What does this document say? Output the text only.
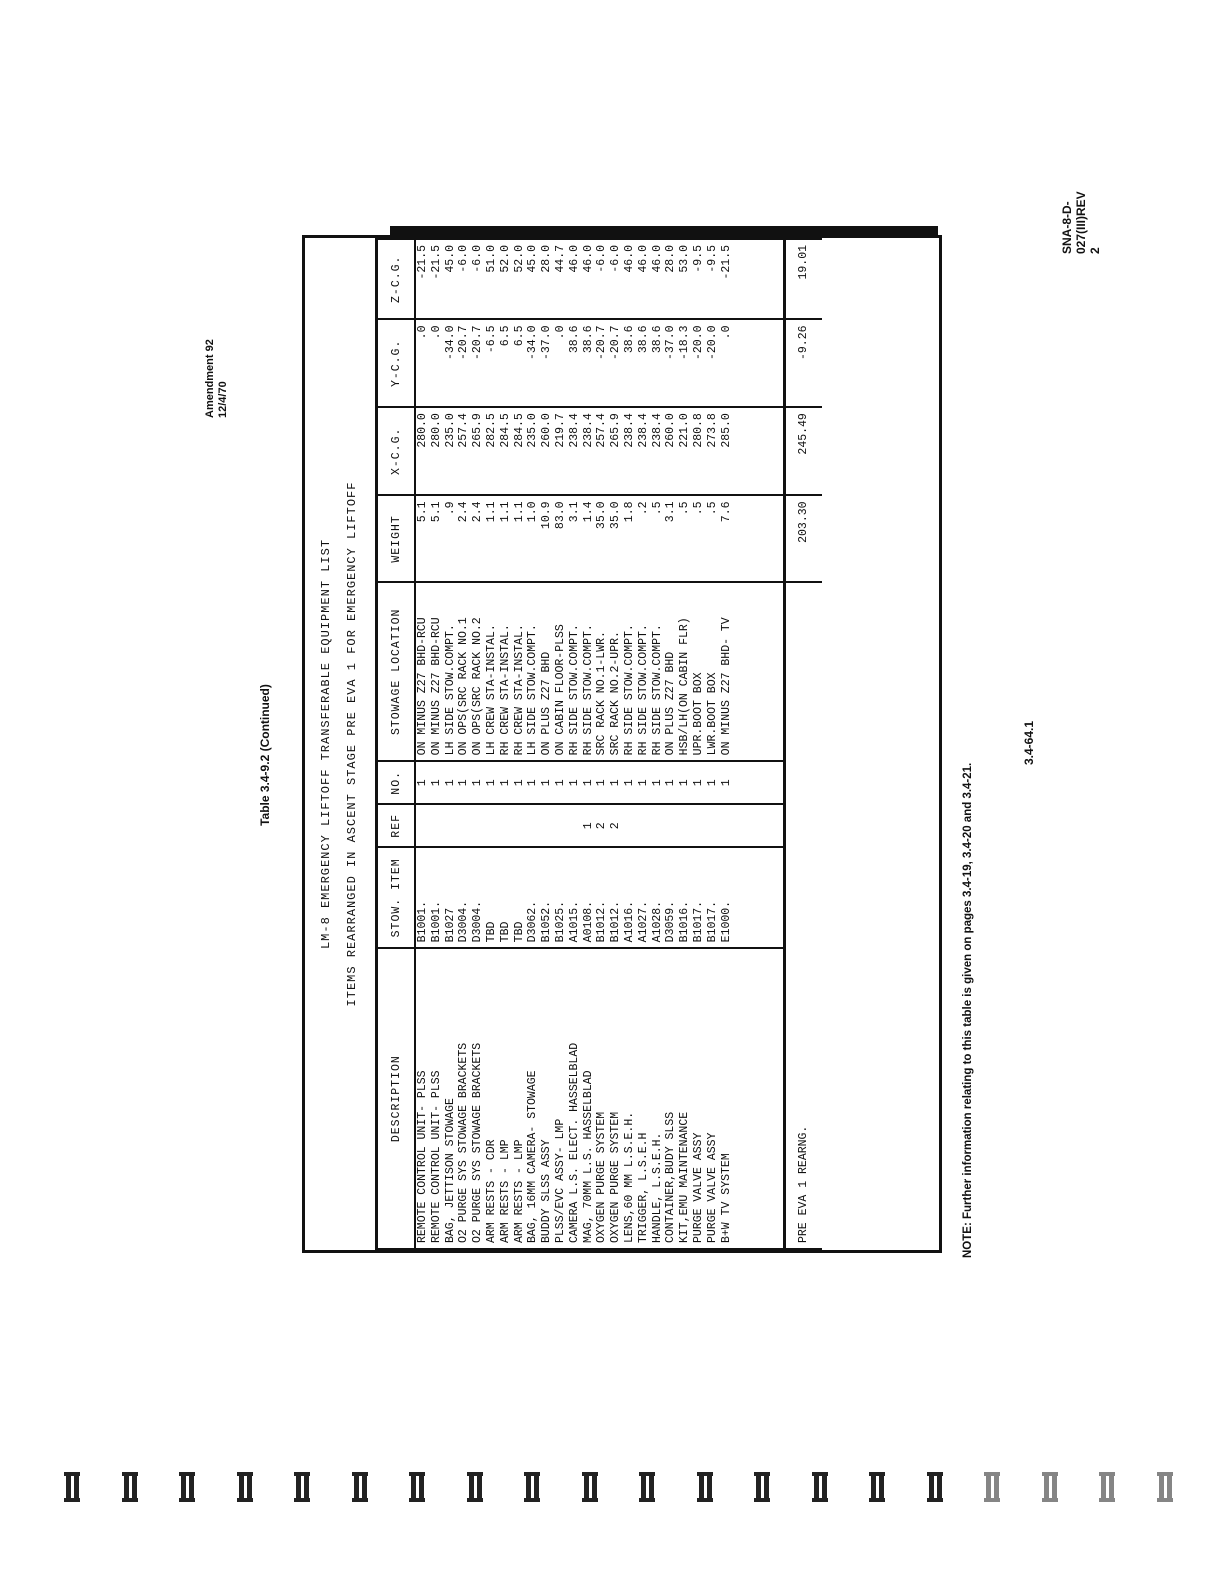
Amendment 92 12/4/70
Table 3.4-9.2 (Continued)	LM-8 EMERGENCY LIFTOFF TRANSFERABLE EQUIPMENT LIST ITEMS REARRANGED IN ASCENT STAGE PRE EVA 1 FOR EMERGENCY LIFTOFF
DESCRIPTION	STOW. ITEM	REF	NO.	STOWAGE LOCATION	WEIGHT	X-C.G.	Y-C.G.	Z-C.G.
REMOTE CONTROL UNIT- PLSS	B1001.		1	ON MINUS Z27 BHD-RCU	5.1	280.0	.0	-21.5
REMOTE CONTROL UNIT- PLSS	B1001.		1	ON MINUS Z27 BHD-RCU	5.1	280.0	.0	-21.5
BAG, JETTISON STOWAGE	B1027		1	LH SIDE STOW.COMPT.	.9	235.0	-34.0	45.0
O2 PURGE SYS STOWAGE BRACKETS	D3004.		1	ON OPS(SRC RACK NO.1	2.4	257.4	-20.7	-6.0
O2 PURGE SYS STOWAGE BRACKETS	D3004.		1	ON OPS(SRC RACK NO.2	2.4	265.9	-20.7	-6.0
ARM RESTS - CDR	TBD		1	LH CREW STA-INSTAL.	1.1	282.5	-6.5	51.0
ARM RESTS - LMP	TBD		1	RH CREW STA-INSTAL.	1.1	284.5	6.5	52.0
ARM RESTS - LMP	TBD		1	RH CREW STA-INSTAL.	1.1	284.5	6.5	52.0
BAG, 16MM CAMERA- STOWAGE	D3062.		1	LH SIDE STOW.COMPT.	1.0	235.0	-34.0	45.0
BUDDY SLSS ASSY	B1052.		1	ON PLUS Z27 BHD	10.9	260.0	-37.0	28.0
PLSS/EVC ASSY- LMP	B1025.		1	ON CABIN FLOOR-PLSS	83.0	219.7	.0	44.7
CAMERA L.S. ELECT. HASSELBLAD	A1015.		1	RH SIDE STOW.COMPT.	3.1	238.4	38.6	46.0
MAG, 70MM L.S. HASSELBLAD	A0108.	1	1	RH SIDE STOW.COMPT.	1.4	238.4	38.6	46.0
OXYGEN PURGE SYSTEM	B1012.	2	1	SRC RACK NO.1-LWR.	35.0	257.4	-20.7	-6.0
OXYGEN PURGE SYSTEM	B1012.	2	1	SRC RACK NO.2-UPR.	35.0	265.9	-20.7	-6.0
LENS,60 MM L.S.E.H.	A1016.		1	RH SIDE STOW.COMPT.	1.8	238.4	38.6	46.0
TRIGGER, L.S.E.H	A1027.		1	RH SIDE STOW.COMPT.	.2	238.4	38.6	46.0
HANDLE, L.S.E.H.	A1028.		1	RH SIDE STOW.COMPT.	.5	238.4	38.6	46.0
CONTAINER,BUDY SLSS	D3059.		1	ON PLUS Z27 BHD	3.1	260.0	-37.0	28.0
KIT,EMU MAINTENANCE	B1016.		1	HSB/LH(ON CABIN FLR)	.5	221.0	-18.3	53.0
PURGE VALVE ASSY	B1017.		1	UPR.BOOT BOX	.5	280.8	-20.0	-9.5
PURGE VALVE ASSY	B1017.		1	LWR.BOOT BOX	.5	273.8	-20.0	-9.5
B+W TV SYSTEM	E1000.		1	ON MINUS Z27 BHD- TV	7.6	285.0	.0	-21.5

PRE EVA 1 REARNG.					203.30	245.49	-9.26	19.01
NOTE: Further information relating to this table is given on pages 3.4-19, 3.4-20 and 3.4-21.
3.4-64.1
SNA-8-D-027(III)REV 2
